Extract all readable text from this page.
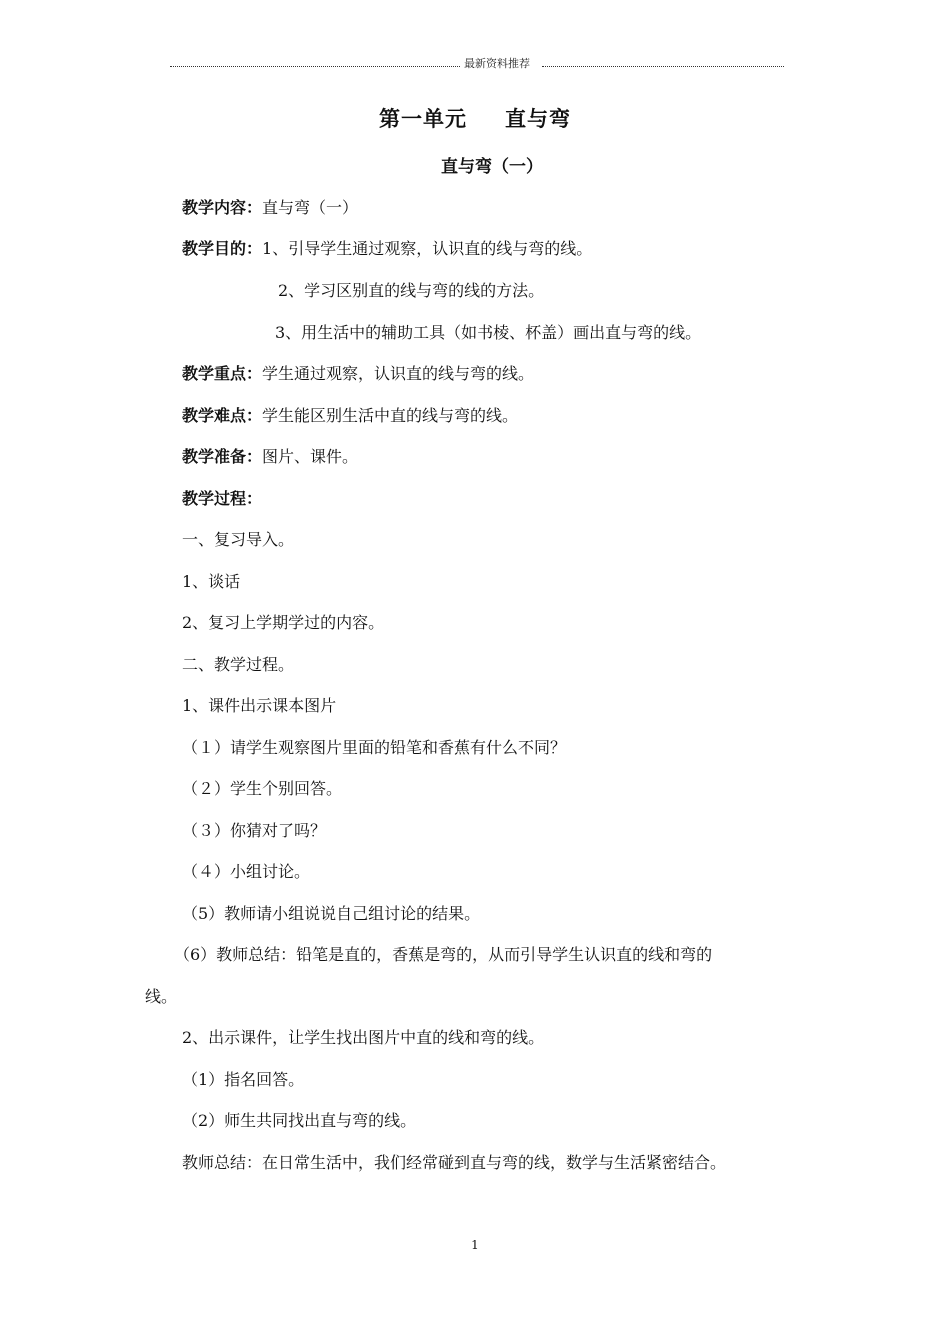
最新资料推荐
第一单元 直与弯
直与弯（一）
教学内容：直与弯（一）
教学目的：1、引导学生通过观察，认识直的线与弯的线。
2、学习区别直的线与弯的线的方法。
3、用生活中的辅助工具（如书棱、杯盖）画出直与弯的线。
教学重点：学生通过观察，认识直的线与弯的线。
教学难点：学生能区别生活中直的线与弯的线。
教学准备：图片、课件。
教学过程：
一、复习导入。
1、谈话
2、复习上学期学过的内容。
二、教学过程。
1、课件出示课本图片
（１）请学生观察图片里面的铅笔和香蕉有什么不同？
（２）学生个别回答。
（３）你猜对了吗？
（４）小组讨论。
（5）教师请小组说说自己组讨论的结果。
（6）教师总结：铅笔是直的，香蕉是弯的，从而引导学生认识直的线和弯的
线。
2、出示课件，让学生找出图片中直的线和弯的线。
（1）指名回答。
（2）师生共同找出直与弯的线。
教师总结：在日常生活中，我们经常碰到直与弯的线，数学与生活紧密结合。
1
